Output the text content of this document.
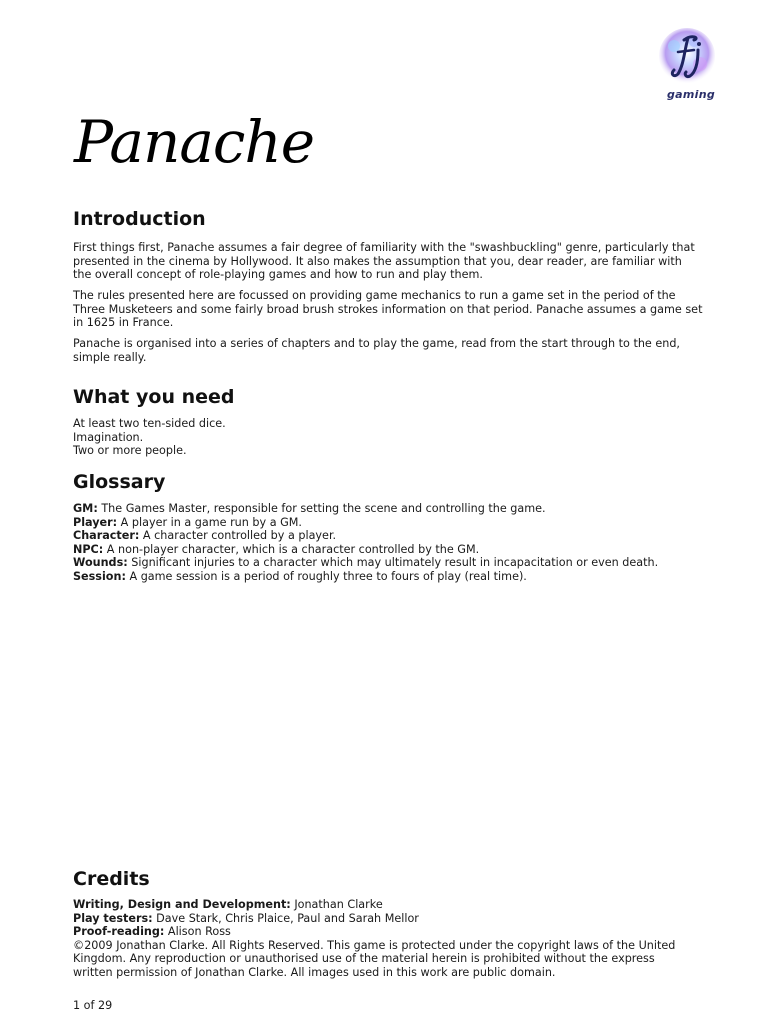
gaming
Panache
Introduction

First things first, Panache assumes a fair degree of familiarity with the "swashbuckling" genre, particularly that presented in the cinema by Hollywood. It also makes the assumption that you, dear reader, are familiar with the overall concept of role-playing games and how to run and play them.

The rules presented here are focussed on providing game mechanics to run a game set in the period of the Three Musketeers and some fairly broad brush strokes information on that period. Panache assumes a game set in 1625 in France.

Panache is organised into a series of chapters and to play the game, read from the start through to the end, simple really.

What you need
At least two ten-sided dice.
Imagination.
Two or more people.
Glossary
GM: The Games Master, responsible for setting the scene and controlling the game.
Player: A player in a game run by a GM.
Character: A character controlled by a player.
NPC: A non-player character, which is a character controlled by the GM.
Wounds: Significant injuries to a character which may ultimately result in incapacitation or even death.
Session: A game session is a period of roughly three to fours of play (real time).
Credits
Writing, Design and Development: Jonathan Clarke
Play testers: Dave Stark, Chris Plaice, Paul and Sarah Mellor
Proof-reading: Alison Ross
©2009 Jonathan Clarke. All Rights Reserved. This game is protected under the copyright laws of the United Kingdom. Any reproduction or unauthorised use of the material herein is prohibited without the express written permission of Jonathan Clarke. All images used in this work are public domain.
1 of 29
